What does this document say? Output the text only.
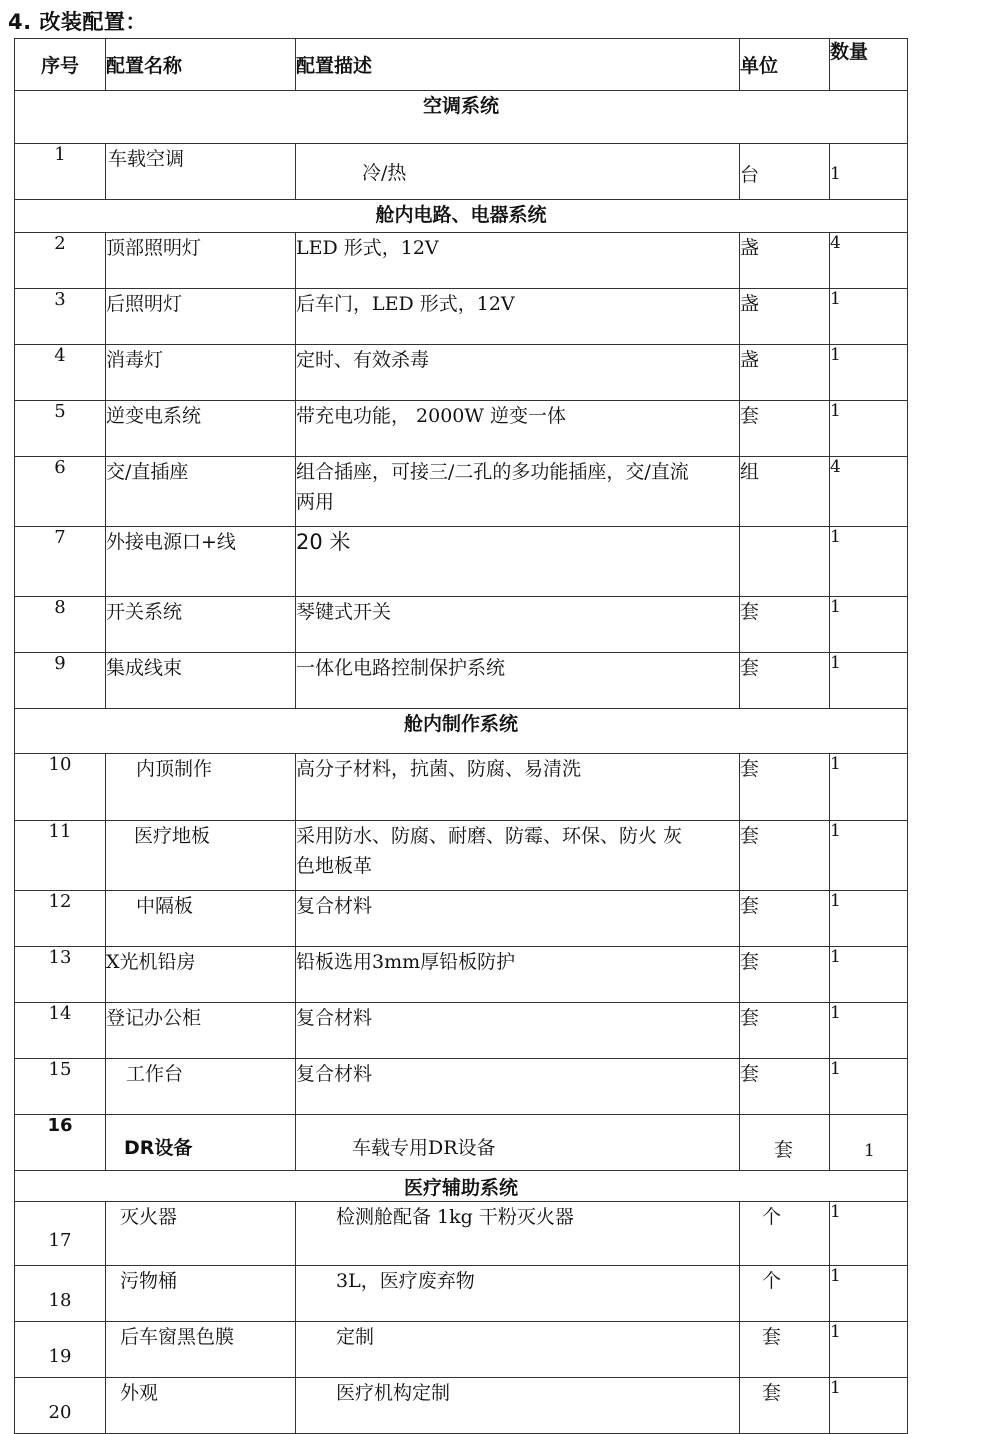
4. 改装配置：
序号	配置名称	配置描述	单位	数量
空调系统				
1	车载空调	冷/热	台	1
舱内电路、电器系统				
2	顶部照明灯	LED 形式，12V	盏	4
3	后照明灯	后车门，LED 形式，12V	盏	1
4	消毒灯	定时、有效杀毒	盏	1
5	逆变电系统	带充电功能， 2000W 逆变一体	套	1
6	交/直插座	组合插座，可接三/二孔的多功能插座，交/直流两用	组	4
7	外接电源口+线	20 米		1
8	开关系统	琴键式开关	套	1
9	集成线束	一体化电路控制保护系统	套	1
舱内制作系统				
10	内顶制作	高分子材料，抗菌、防腐、易清洗	套	1
11	医疗地板	采用防水、防腐、耐磨、防霉、环保、防火 灰色地板革	套	1
12	中隔板	复合材料	套	1
13	X光机铅房	铅板选用3mm厚铅板防护	套	1
14	登记办公柜	复合材料	套	1
15	工作台	复合材料	套	1
16	DR设备	车载专用DR设备	套	1
医疗辅助系统				
17	灭火器	检测舱配备 1kg 干粉灭火器	个	1
18	污物桶	3L，医疗废弃物	个	1
19	后车窗黑色膜	定制	套	1
20	外观	医疗机构定制	套	1
